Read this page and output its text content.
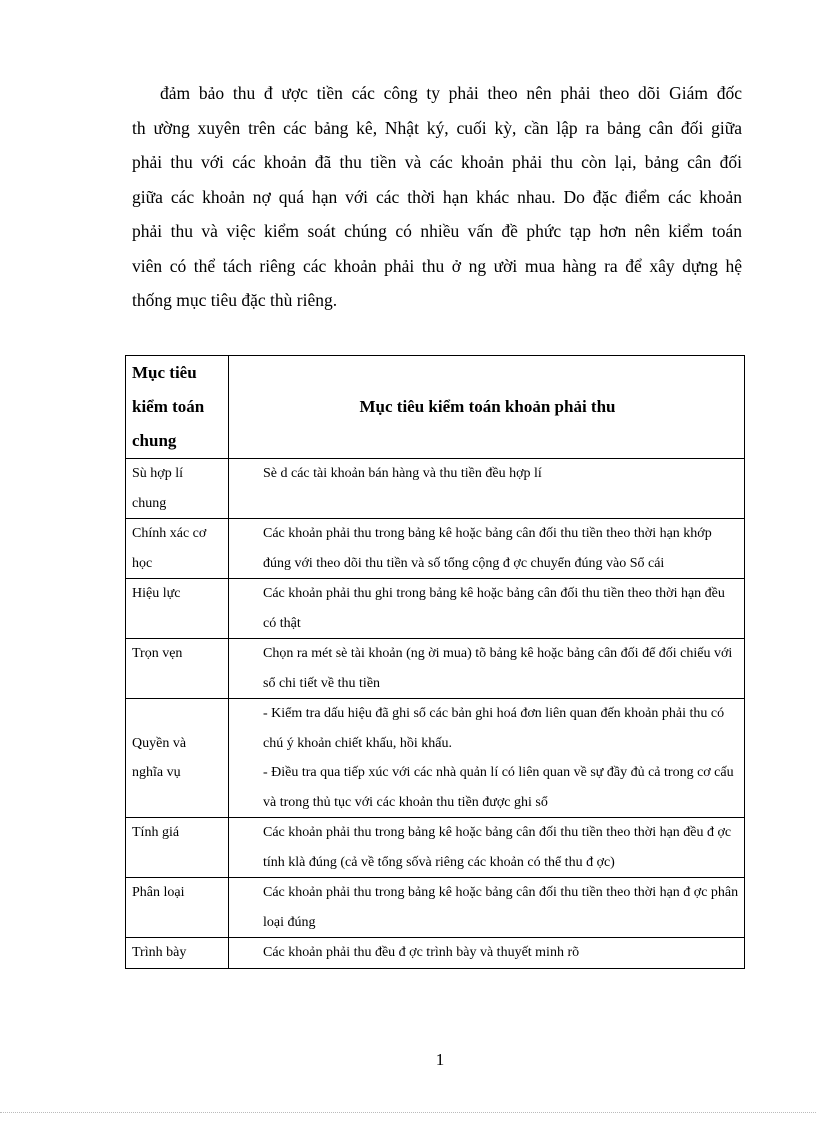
đảm bảo thu đ ược tiền các công ty phải theo nên phải theo dõi Giám đốc
th ường xuyên trên các bảng kê, Nhật ký, cuối kỳ, cần lập ra bảng cân đối giữa
phải thu với các khoản đã thu tiền và các khoản phải thu còn lại, bảng cân đối
giữa các khoản nợ quá hạn với các thời hạn khác nhau. Do đặc điểm các khoản
phải thu và việc kiểm soát chúng có nhiều vấn đề phức tạp hơn nên kiểm toán
viên có thể tách riêng các khoản phải thu ở ng ười mua hàng ra để xây dựng hệ
thống mục tiêu đặc thù riêng.
Mục tiêu
kiểm toán
chung	Mục tiêu kiểm toán khoản phải thu

Sù hợp lí
chung	Sè d các tài khoản bán hàng và thu tiền đều hợp lí

Chính xác cơ
học	Các khoản phải thu trong bảng kê hoặc bảng cân đối thu tiền theo thời hạn khớp đúng với theo dõi thu tiền và số tổng cộng đ ợc chuyển đúng vào Sổ cái

Hiệu lực	Các khoản phải thu ghi trong bảng kê hoặc bảng cân đối thu tiền theo thời hạn đều có thật

Trọn vẹn	Chọn ra mét sè tài khoản (ng ời mua) tõ bảng kê hoặc bảng cân đối để đối chiếu với sổ chi tiết về thu tiền

Quyền và
nghĩa vụ	- Kiểm tra dấu hiệu đã ghi sổ các bản ghi hoá đơn liên quan đến khoản phải thu có chú ý khoản chiết khấu, hồi khấu.
- Điều tra qua tiếp xúc với các nhà quản lí có liên quan về sự đầy đủ cả trong cơ cấu và trong thủ tục với các khoản thu tiền được ghi sổ

Tính giá	Các khoản phải thu trong bảng kê hoặc bảng cân đối thu tiền theo thời hạn đều đ ợc tính klà đúng (cả về tổng sốvà riêng các khoản có thể thu đ ợc)

Phân loại	Các khoản phải thu trong bảng kê hoặc bảng cân đối thu tiền theo thời hạn đ ợc phân loại đúng

Trình bày	Các khoản phải thu đều đ ợc trình bày và thuyết minh rõ
1
